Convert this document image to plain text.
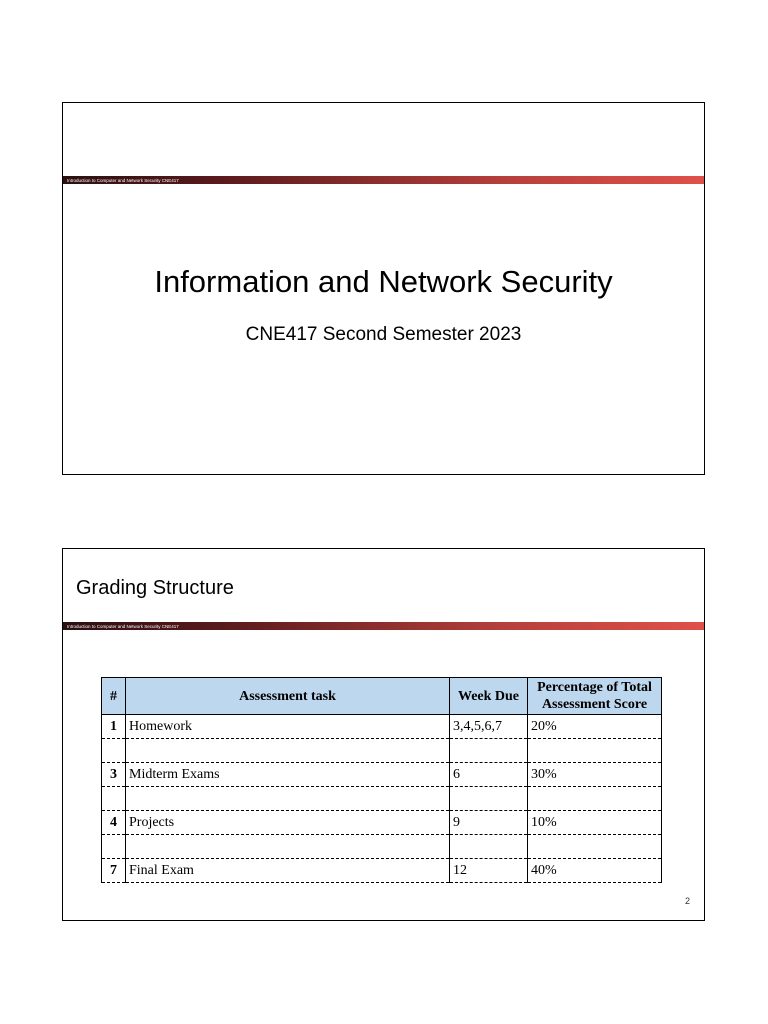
Introduction to Computer and Network Security CNE417
Information and Network Security
CNE417 Second Semester 2023
Grading Structure
Introduction to Computer and Network Security CNE417
#	Assessment task	Week Due	Percentage of Total Assessment Score
1	Homework	3,4,5,6,7	20%

3	Midterm Exams	6	30%

4	Projects	9	10%

7	Final Exam	12	40%
2
